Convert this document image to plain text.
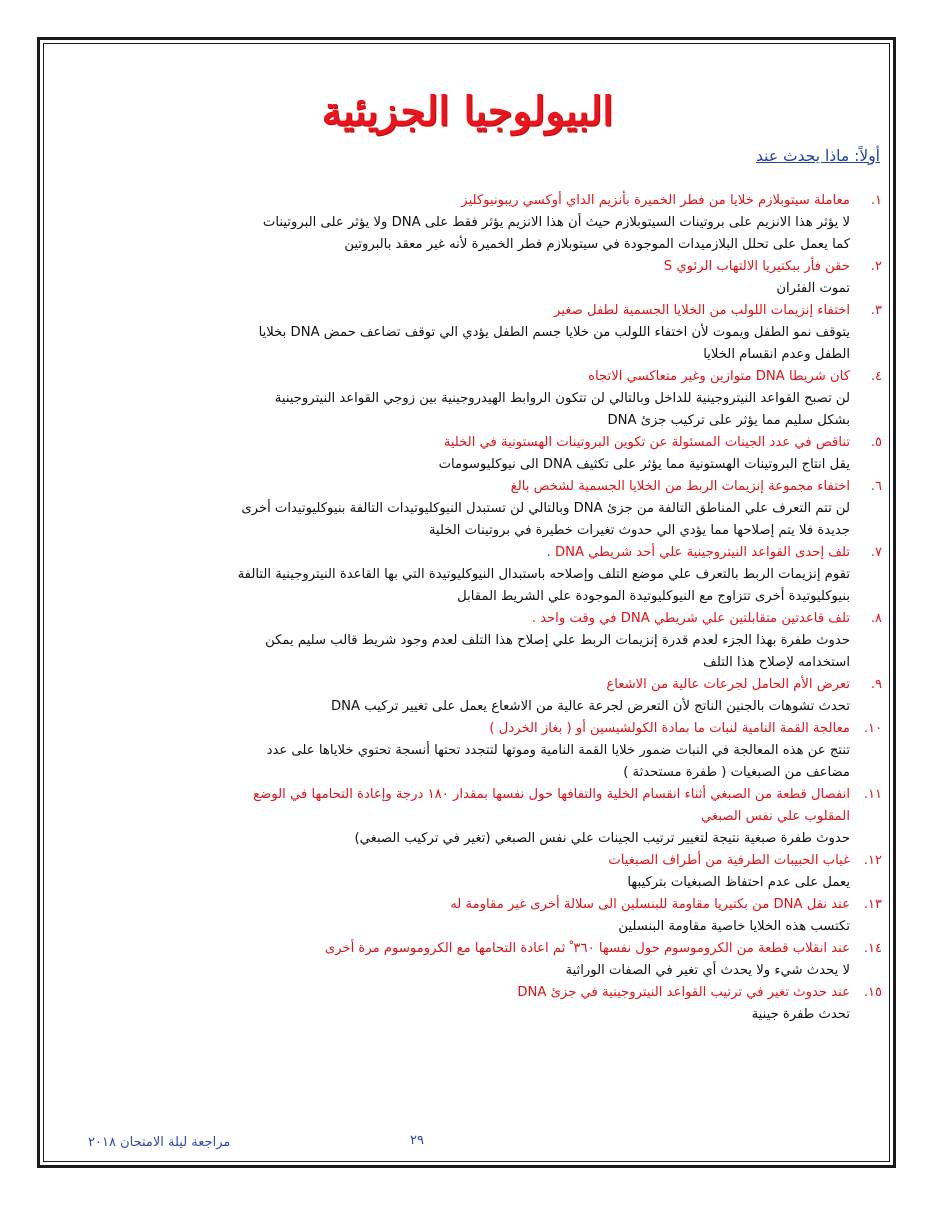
البيولوجيا الجزيئية
أولاً: ماذا يحدث عند
١.
معاملة سيتوبلازم خلايا من فطر الخميرة بأنزيم الداي أوكسي ريبونيوكليز
لا يؤثر هذا الانزيم على بروتينات السيتوبلازم حيث أن هذا الانزيم يؤثر فقط على DNA ولا يؤثر على البروتينات
كما يعمل على تحلل البلازميدات الموجودة في سيتوبلازم فطر الخميرة لأنه غير معقد بالبروتين
٢.
حقن فأر ببكتيريا الالتهاب الرئوي S
تموت الفئران
٣.
اختفاء إنزيمات اللولب من الخلايا الجسمية لطفل صغير
يتوقف نمو الطفل ويموت لأن اختفاء اللولب من خلايا جسم الطفل يؤدي الي توقف تضاعف حمض DNA بخلايا
الطفل وعدم انقسام الخلايا
٤.
كان شريطا DNA متوازين وغير متعاكسي الاتجاه
لن تصبح القواعد النيتروجينية للداخل وبالتالي لن تتكون الروابط الهيدروجينية بين زوجي القواعد النيتروجينية
بشكل سليم مما يؤثر على تركيب جزئ DNA
٥.
تناقص في عدد الجينات المسئولة عن تكوين البروتينات الهستونية في الخلية
يقل انتاج البروتينات الهستونية مما يؤثر على تكثيف DNA الى نيوكليوسومات
٦.
اختفاء مجموعة إنزيمات الربط من الخلايا الجسمية لشخص بالغ
لن تتم التعرف علي المناطق التالفة من جزئ DNA وبالتالي لن تستبدل النيوكليوتيدات التالفة بنيوكليوتيدات أخرى
جديدة فلا يتم إصلاحها مما يؤدي الي حدوث تغيرات خطيرة في بروتينات الخلية
٧.
تلف إحدى القواعد النيتروجينية علي أحد شريطي DNA .
تقوم إنزيمات الربط بالتعرف علي موضع التلف وإصلاحه باستبدال النيوكليوتيدة التي بها القاعدة النيتروجينية التالفة
بنيوكليوتيدة أخرى تتزاوج مع النيوكليوتيدة الموجودة علي الشريط المقابل
٨.
تلف قاعدتين متقابلتين علي شريطي DNA في وقت واحد .
حدوث طفرة بهذا الجزء لعدم قدرة إنزيمات الربط علي إصلاح هذا التلف لعدم وجود شريط قالب سليم يمكن
استخدامه لإصلاح هذا التلف
٩.
تعرض الأم الحامل لجرعات عالية من الاشعاع
تحدث تشوهات بالجنين الناتج لأن التعرض لجرعة عالية من الاشعاع يعمل على تغيير تركيب DNA
١٠.
معالجة القمة النامية لنبات ما بمادة الكولشيسين أو ( بغاز الخردل )
تنتج عن هذه المعالجة في النبات ضمور خلايا القمة النامية وموتها لتتجدد تحتها أنسجة تحتوي خلاياها على عدد
مضاعف من الصبغيات ( طفرة مستحدثة )
١١.
انفصال قطعة من الصبغي أثناء انقسام الخلية والتفافها حول نفسها بمقدار ١٨٠ درجة وإعادة التحامها في الوضع
المقلوب علي نفس الصبغي
حدوث طفرة صبغية نتيجة لتغيير ترتيب الجينات علي نفس الصبغي (تغير في تركيب الصبغي)
١٢.
غياب الحبيبات الطرفية من أطراف الصبغيات
يعمل على عدم احتفاظ الصبغيات بتركيبها
١٣.
عند نقل DNA من بكتيريا مقاومة للبنسلين الى سلالة أخرى غير مقاومة له
تكتسب هذه الخلايا خاصية مقاومة البنسلين
١٤.
عند انقلاب قطعة من الكروموسوم حول نفسها ٣٦٠ ْ ثم اعادة التحامها مع الكروموسوم مرة أخرى
لا يحدث شيء ولا يحدث أي تغير في الصفات الوراثية
١٥.
عند حدوث تغير في ترتيب القواعد النيتروجينية في جزئ DNA
تحدث طفرة جينية
مراجعة ليلة الامتحان ٢٠١٨	٢٩
